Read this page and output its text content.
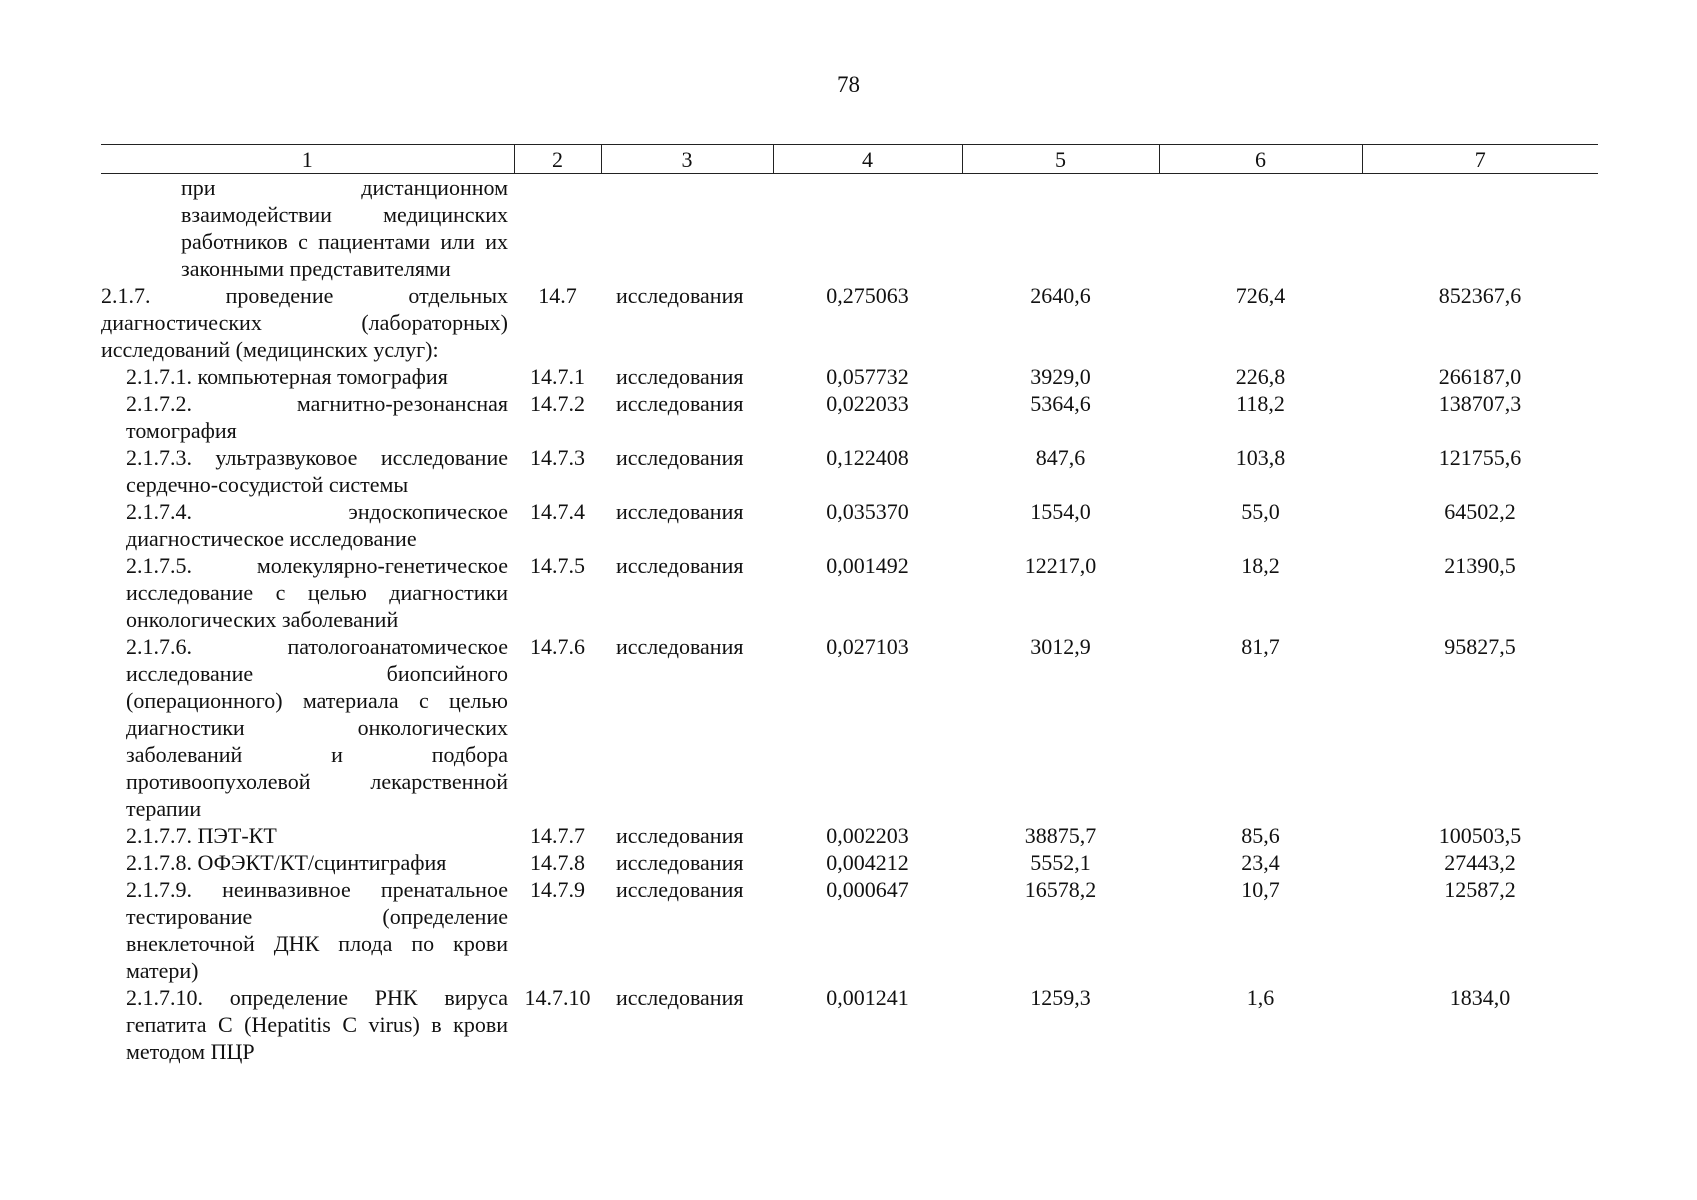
78
1	2	3	4	5	6	7

при дистанционном взаимодействии медицинских работников с пациентами или их законными представителями						

2.1.7. проведение отдельных диагностических (лабораторных) исследований (медицинских услуг):	14.7	исследования	0,275063	2640,6	726,4	852367,6

2.1.7.1. компьютерная томография	14.7.1	исследования	0,057732	3929,0	226,8	266187,0

2.1.7.2. магнитно-резонансная томография	14.7.2	исследования	0,022033	5364,6	118,2	138707,3

2.1.7.3. ультразвуковое исследование сердечно-сосудистой системы	14.7.3	исследования	0,122408	847,6	103,8	121755,6

2.1.7.4. эндоскопическое диагностическое исследование	14.7.4	исследования	0,035370	1554,0	55,0	64502,2

2.1.7.5. молекулярно-генетическое исследование с целью диагностики онкологических заболеваний	14.7.5	исследования	0,001492	12217,0	18,2	21390,5

2.1.7.6. патологоанатомическое исследование биопсийного (операционного) материала с целью диагностики онкологических заболеваний и подбора противоопухолевой лекарственной терапии	14.7.6	исследования	0,027103	3012,9	81,7	95827,5

2.1.7.7. ПЭТ-КТ	14.7.7	исследования	0,002203	38875,7	85,6	100503,5

2.1.7.8. ОФЭКТ/КТ/сцинтиграфия	14.7.8	исследования	0,004212	5552,1	23,4	27443,2

2.1.7.9. неинвазивное пренатальное тестирование (определение внеклеточной ДНК плода по крови матери)	14.7.9	исследования	0,000647	16578,2	10,7	12587,2

2.1.7.10. определение РНК вируса гепатита С (Hepatitis C virus) в крови методом ПЦР	14.7.10	исследования	0,001241	1259,3	1,6	1834,0
